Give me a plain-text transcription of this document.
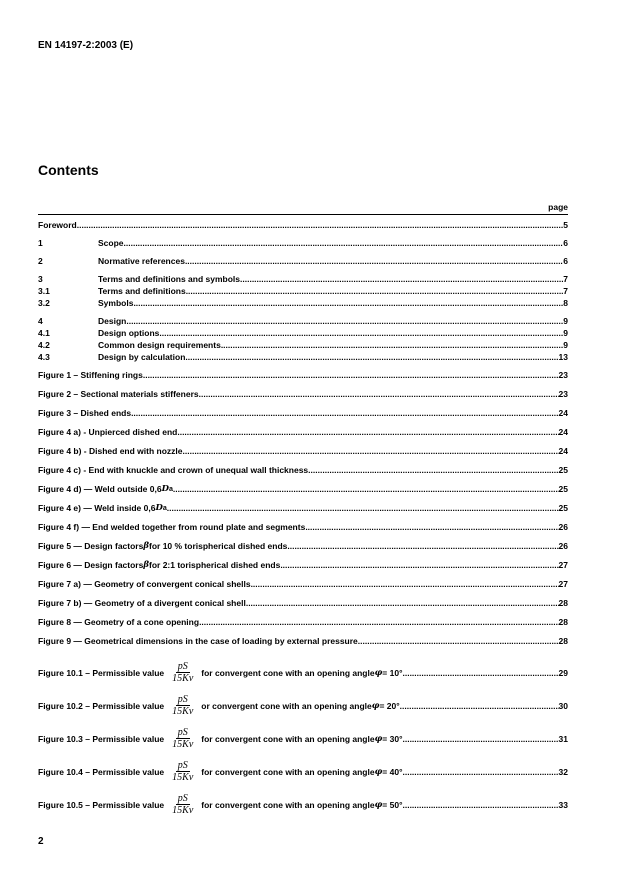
EN 14197-2:2003 (E)
Contents
page
Foreword .....	5
1	Scope .....	6
2	Normative references .....	6
3	Terms and definitions and symbols .....	7
3.1	Terms and definitions .....	7
3.2	Symbols .....	8
4	Design .....	9
4.1	Design options .....	9
4.2	Common design requirements .....	9
4.3	Design by calculation .....	13
Figure 1 – Stiffening rings .....	23
Figure 2 – Sectional materials stiffeners .....	23
Figure 3 – Dished ends .....	24
Figure 4 a) - Unpierced dished end .....	24
Figure 4 b) - Dished end with nozzle .....	24
Figure 4 c) - End with knuckle and crown of unequal wall thickness .....	25
Figure 4 d) — Weld outside 0,6 D a .....	25
Figure 4 e) — Weld inside 0,6 D a .....	25
Figure 4 f) — End welded together from round plate and segments .....	26
Figure 5 — Design factors β for 10 % torispherical dished ends .....	26
Figure 6 — Design factors β for 2:1 torispherical dished ends .....	27
Figure 7 a) — Geometry of convergent conical shells .....	27
Figure 7 b) — Geometry of a divergent conical shell .....	28
Figure 8 — Geometry of a cone opening .....	28
Figure 9 — Geometrical dimensions in the case of loading by external pressure .....	28
Figure 10.1 – Permissible value $\frac{pS}{15Kv}$ for convergent cone with an opening angle φ = 10° .....	29
Figure 10.2 – Permissible value $\frac{pS}{15Kv}$ or convergent cone with an opening angle φ = 20° .....	30
Figure 10.3 – Permissible value $\frac{pS}{15Kv}$ for convergent cone with an opening angle φ = 30° .....	31
Figure 10.4 – Permissible value $\frac{pS}{15Kv}$ for convergent cone with an opening angle φ = 40° .....	32
Figure 10.5 – Permissible value $\frac{pS}{15Kv}$ for convergent cone with an opening angle φ = 50° .....	33
2
